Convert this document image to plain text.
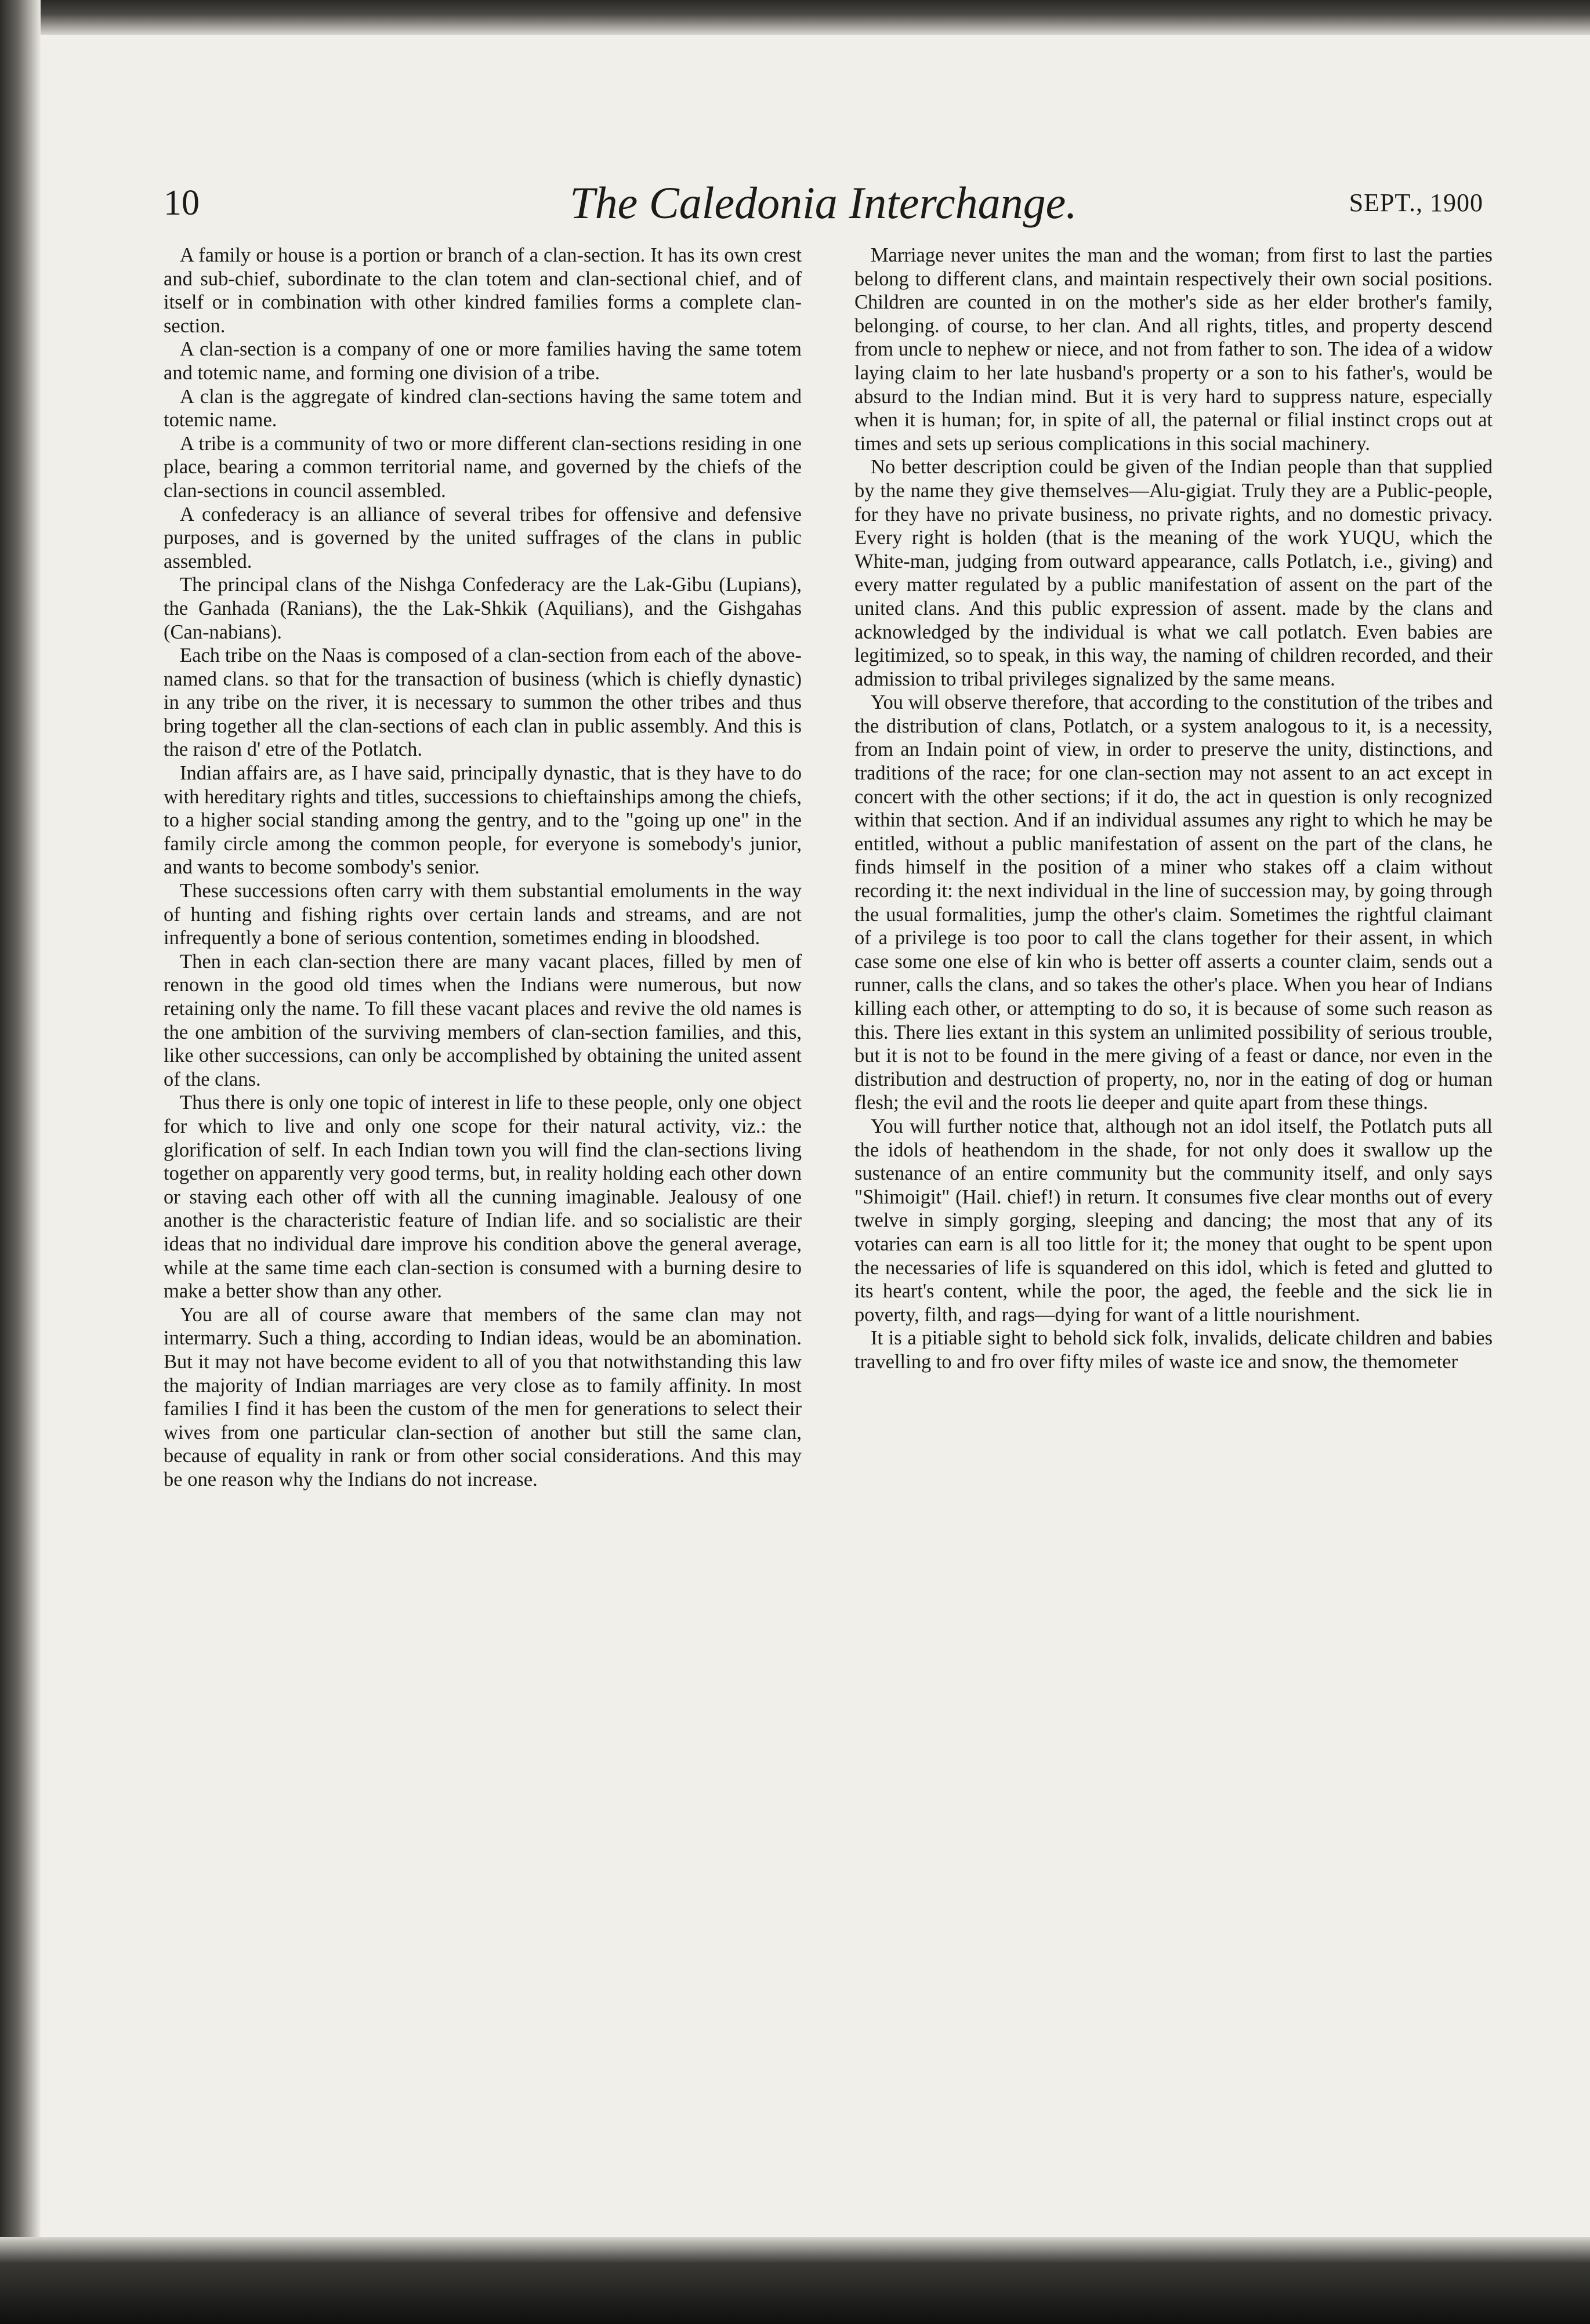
10	The Caledonia Interchange.	SEPT., 1900

A family or house is a portion or branch of a clan-section. It has its own crest and sub-chief, subordinate to the clan totem and clan-sectional chief, and of itself or in combination with other kindred families forms a complete clan-section.

A clan-section is a company of one or more families having the same totem and totemic name, and forming one division of a tribe.

A clan is the aggregate of kindred clan-sections having the same totem and totemic name.

A tribe is a community of two or more different clan-sections residing in one place, bearing a common territorial name, and governed by the chiefs of the clan-sections in council assembled.

A confederacy is an alliance of several tribes for offensive and defensive purposes, and is governed by the united suffrages of the clans in public assembled.

The principal clans of the Nishga Confederacy are the Lak-Gibu (Lupians), the Ganhada (Ranians), the the Lak-Shkik (Aquilians), and the Gishgahas (Can-nabians).

Each tribe on the Naas is composed of a clan-section from each of the above-named clans. so that for the transaction of business (which is chiefly dynastic) in any tribe on the river, it is necessary to summon the other tribes and thus bring together all the clan-sections of each clan in public assembly. And this is the raison d' etre of the Potlatch.

Indian affairs are, as I have said, principally dynastic, that is they have to do with hereditary rights and titles, successions to chieftainships among the chiefs, to a higher social standing among the gentry, and to the "going up one" in the family circle among the common people, for everyone is somebody's junior, and wants to become sombody's senior.

These successions often carry with them substantial emoluments in the way of hunting and fishing rights over certain lands and streams, and are not infrequently a bone of serious contention, sometimes ending in bloodshed.

Then in each clan-section there are many vacant places, filled by men of renown in the good old times when the Indians were numerous, but now retaining only the name. To fill these vacant places and revive the old names is the one ambition of the surviving members of clan-section families, and this, like other successions, can only be accomplished by obtaining the united assent of the clans.

Thus there is only one topic of interest in life to these people, only one object for which to live and only one scope for their natural activity, viz.: the glorification of self. In each Indian town you will find the clan-sections living together on apparently very good terms, but, in reality holding each other down or staving each other off with all the cunning imaginable. Jealousy of one another is the characteristic feature of Indian life. and so socialistic are their ideas that no individual dare improve his condition above the general average, while at the same time each clan-section is consumed with a burning desire to make a better show than any other.

You are all of course aware that members of the same clan may not intermarry. Such a thing, according to Indian ideas, would be an abomination. But it may not have become evident to all of you that notwithstanding this law the majority of Indian marriages are very close as to family affinity. In most families I find it has been the custom of the men for generations to select their wives from one particular clan-section of another but still the same clan, because of equality in rank or from other social considerations. And this may be one reason why the Indians do not increase.

Marriage never unites the man and the woman; from first to last the parties belong to different clans, and maintain respectively their own social positions. Children are counted in on the mother's side as her elder brother's family, belonging. of course, to her clan. And all rights, titles, and property descend from uncle to nephew or niece, and not from father to son. The idea of a widow laying claim to her late husband's property or a son to his father's, would be absurd to the Indian mind. But it is very hard to suppress nature, especially when it is human; for, in spite of all, the paternal or filial instinct crops out at times and sets up serious complications in this social machinery.

No better description could be given of the Indian people than that supplied by the name they give themselves—Alu-gigiat. Truly they are a Public-people, for they have no private business, no private rights, and no domestic privacy. Every right is holden (that is the meaning of the work YUQU, which the White-man, judging from outward appearance, calls Potlatch, i.e., giving) and every matter regulated by a public manifestation of assent on the part of the united clans. And this public expression of assent. made by the clans and acknowledged by the individual is what we call potlatch. Even babies are legitimized, so to speak, in this way, the naming of children recorded, and their admission to tribal privileges signalized by the same means.

You will observe therefore, that according to the constitution of the tribes and the distribution of clans, Potlatch, or a system analogous to it, is a necessity, from an Indain point of view, in order to preserve the unity, distinctions, and traditions of the race; for one clan-section may not assent to an act except in concert with the other sections; if it do, the act in question is only recognized within that section. And if an individual assumes any right to which he may be entitled, without a public manifestation of assent on the part of the clans, he finds himself in the position of a miner who stakes off a claim without recording it: the next individual in the line of succession may, by going through the usual formalities, jump the other's claim. Sometimes the rightful claimant of a privilege is too poor to call the clans together for their assent, in which case some one else of kin who is better off asserts a counter claim, sends out a runner, calls the clans, and so takes the other's place. When you hear of Indians killing each other, or attempting to do so, it is because of some such reason as this. There lies extant in this system an unlimited possibility of serious trouble, but it is not to be found in the mere giving of a feast or dance, nor even in the distribution and destruction of property, no, nor in the eating of dog or human flesh; the evil and the roots lie deeper and quite apart from these things.

You will further notice that, although not an idol itself, the Potlatch puts all the idols of heathendom in the shade, for not only does it swallow up the sustenance of an entire community but the community itself, and only says "Shimoigit" (Hail. chief!) in return. It consumes five clear months out of every twelve in simply gorging, sleeping and dancing; the most that any of its votaries can earn is all too little for it; the money that ought to be spent upon the necessaries of life is squandered on this idol, which is feted and glutted to its heart's content, while the poor, the aged, the feeble and the sick lie in poverty, filth, and rags—dying for want of a little nourishment.

It is a pitiable sight to behold sick folk, invalids, delicate children and babies travelling to and fro over fifty miles of waste ice and snow, the themometer
